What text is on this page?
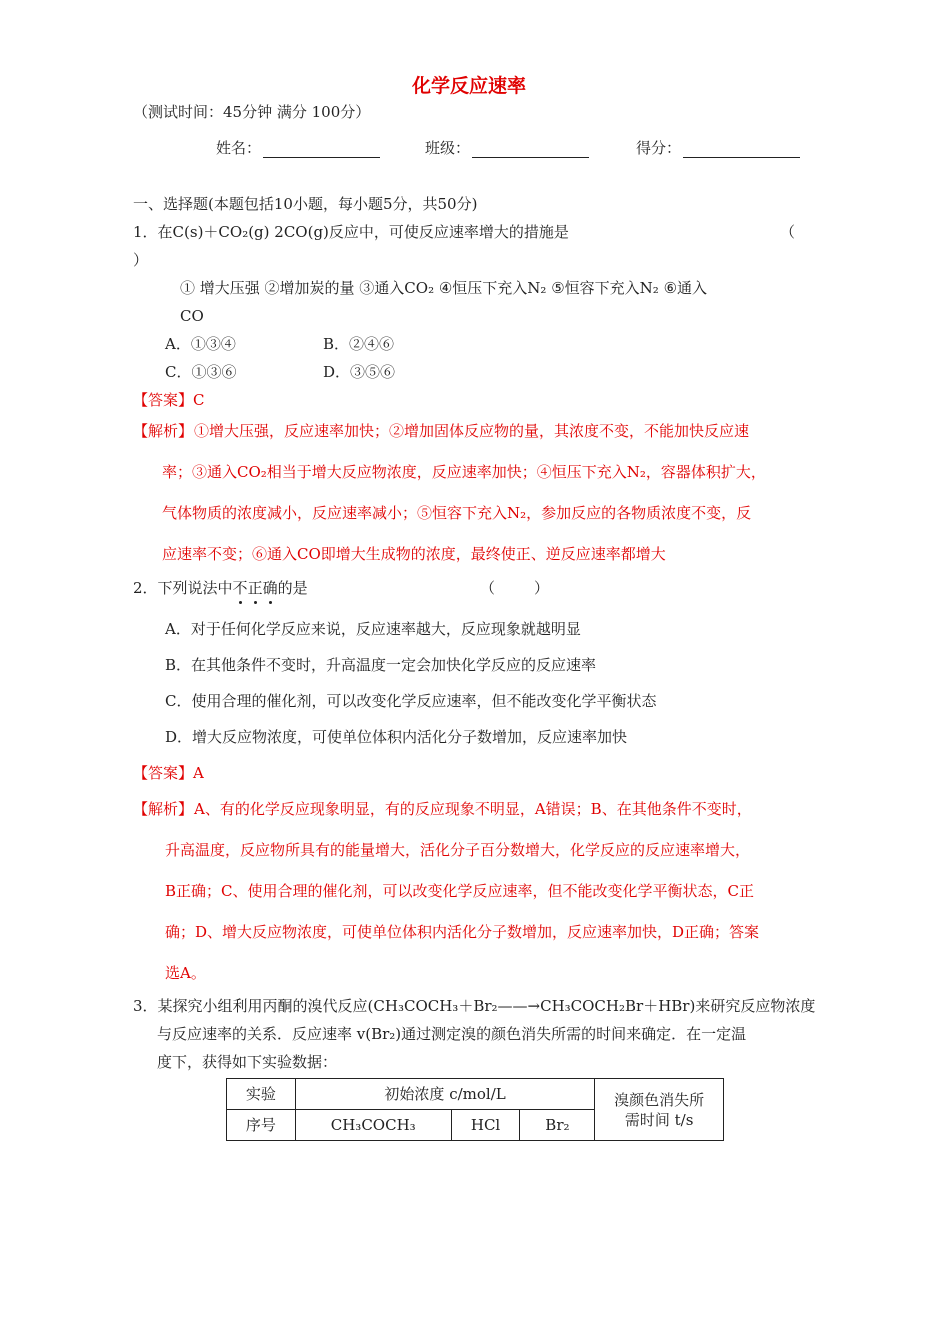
化学反应速率
（测试时间：45分钟 满分 100分）
姓名：	班级：	得分：
一、选择题(本题包括10小题，每小题5分，共50分)
1．在C(s)＋CO₂(g) 2CO(g)反应中，可使反应速率增大的措施是	（
）
① 增大压强 ②增加炭的量 ③通入CO₂ ④恒压下充入N₂ ⑤恒容下充入N₂ ⑥通入
CO
A．①③④	B．②④⑥
C．①③⑥	D．③⑤⑥
【答案】C
【解析】 ①增大压强，反应速率加快；②增加固体反应物的量，其浓度不变，不能加快反应速
率；③通入CO₂相当于增大反应物浓度，反应速率加快；④恒压下充入N₂，容器体积扩大，
气体物质的浓度减小，反应速率减小；⑤恒容下充入N₂，参加反应的各物质浓度不变，反
应速率不变；⑥通入CO即增大生成物的浓度，最终使正、逆反应速率都增大
2．下列说法中不正确的是	（	）
A．对于任何化学反应来说，反应速率越大，反应现象就越明显
B．在其他条件不变时，升高温度一定会加快化学反应的反应速率
C．使用合理的催化剂，可以改变化学反应速率，但不能改变化学平衡状态
D．增大反应物浓度，可使单位体积内活化分子数增加，反应速率加快
【答案】A
【解析】 A、有的化学反应现象明显，有的反应现象不明显，A错误；B、在其他条件不变时，
升高温度，反应物所具有的能量增大，活化分子百分数增大，化学反应的反应速率增大，
B正确；C、使用合理的催化剂，可以改变化学反应速率，但不能改变化学平衡状态，C正
确；D、增大反应物浓度，可使单位体积内活化分子数增加，反应速率加快，D正确；答案
选A。
3．某探究小组利用丙酮的溴代反应(CH₃COCH₃＋Br₂——→CH₃COCH₂Br＋HBr)来研究反应物浓度
与反应速率的关系．反应速率 v(Br₂)通过测定溴的颜色消失所需的时间来确定．在一定温
度下，获得如下实验数据：
实验	初始浓度 c/mol/L			溴颜色消失所
需时间 t/s

序号	CH₃COCH₃	HCl	Br₂	
